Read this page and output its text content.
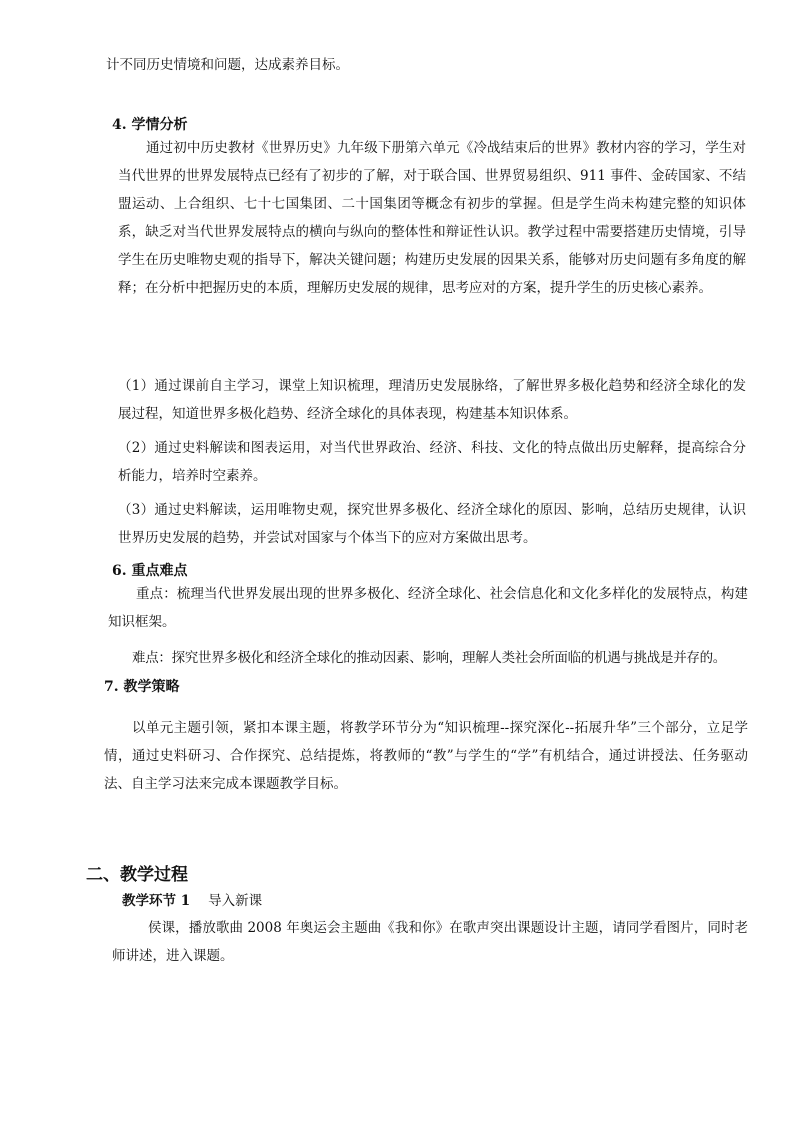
计不同历史情境和问题，达成素养目标。
4. 学情分析
通过初中历史教材《世界历史》九年级下册第六单元《冷战结束后的世界》教材内容的学习，学生对当代世界的世界发展特点已经有了初步的了解，对于联合国、世界贸易组织、911 事件、金砖国家、不结盟运动、上合组织、七十七国集团、二十国集团等概念有初步的掌握。但是学生尚未构建完整的知识体系，缺乏对当代世界发展特点的横向与纵向的整体性和辩证性认识。教学过程中需要搭建历史情境，引导学生在历史唯物史观的指导下，解决关键问题；构建历史发展的因果关系，能够对历史问题有多角度的解释；在分析中把握历史的本质，理解历史发展的规律，思考应对的方案，提升学生的历史核心素养。
（1）通过课前自主学习，课堂上知识梳理，理清历史发展脉络，了解世界多极化趋势和经济全球化的发展过程，知道世界多极化趋势、经济全球化的具体表现，构建基本知识体系。
（2）通过史料解读和图表运用，对当代世界政治、经济、科技、文化的特点做出历史解释，提高综合分析能力，培养时空素养。
（3）通过史料解读，运用唯物史观，探究世界多极化、经济全球化的原因、影响，总结历史规律，认识世界历史发展的趋势，并尝试对国家与个体当下的应对方案做出思考。
6. 重点难点
重点：梳理当代世界发展出现的世界多极化、经济全球化、社会信息化和文化多样化的发展特点，构建知识框架。
难点：探究世界多极化和经济全球化的推动因素、影响，理解人类社会所面临的机遇与挑战是并存的。
7. 教学策略
以单元主题引领，紧扣本课主题，将教学环节分为“知识梳理--探究深化--拓展升华”三个部分，立足学情，通过史料研习、合作探究、总结提炼，将教师的“教”与学生的“学”有机结合，通过讲授法、任务驱动法、自主学习法来完成本课题教学目标。
二、教学过程
教学环节 1 导入新课
侯课，播放歌曲 2008 年奥运会主题曲《我和你》在歌声突出课题设计主题，请同学看图片，同时老师讲述，进入课题。
